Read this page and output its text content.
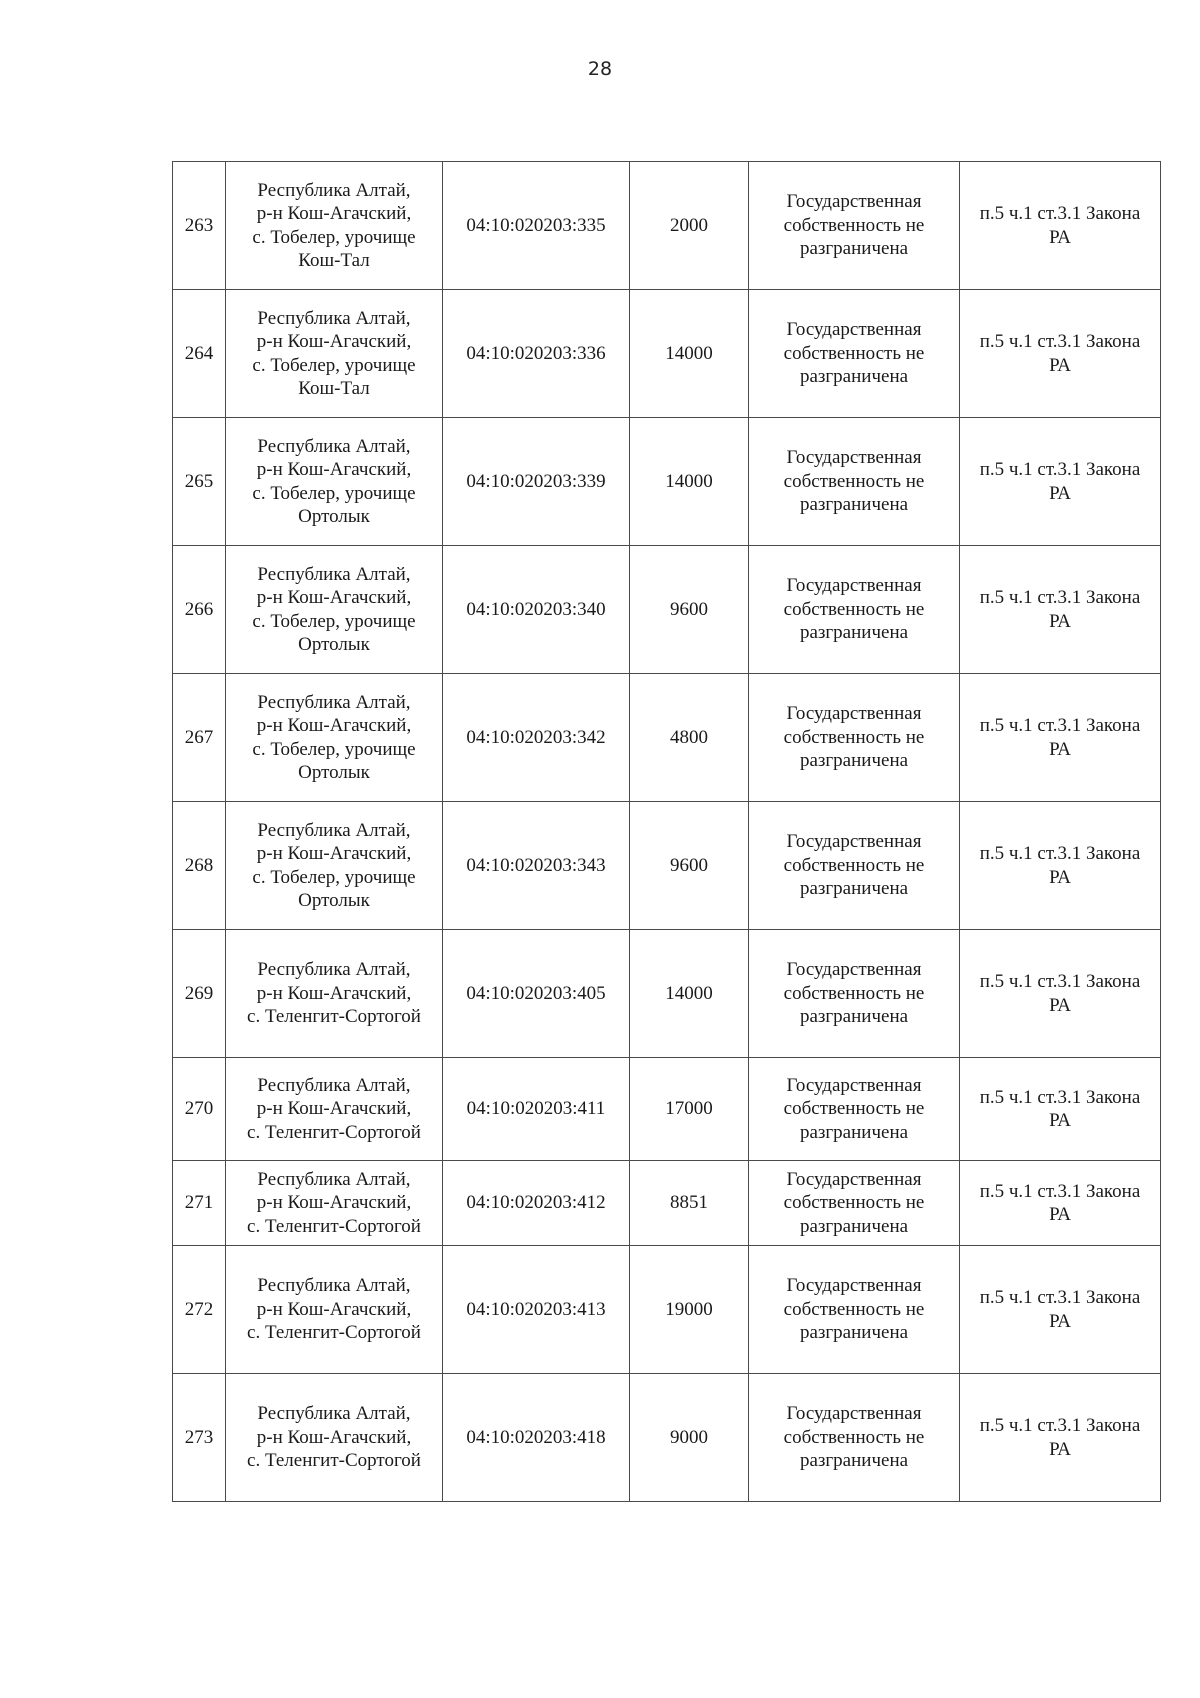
28
263	Республика Алтай,
р-н Кош-Агачский,
с. Тобелер, урочище
Кош-Тал	04:10:020203:335	2000	Государственная
собственность не
разграничена	п.5 ч.1 ст.3.1 Закона
РА

264	Республика Алтай,
р-н Кош-Агачский,
с. Тобелер, урочище
Кош-Тал	04:10:020203:336	14000	Государственная
собственность не
разграничена	п.5 ч.1 ст.3.1 Закона
РА

265	Республика Алтай,
р-н Кош-Агачский,
с. Тобелер, урочище
Ортолык	04:10:020203:339	14000	Государственная
собственность не
разграничена	п.5 ч.1 ст.3.1 Закона
РА

266	Республика Алтай,
р-н Кош-Агачский,
с. Тобелер, урочище
Ортолык	04:10:020203:340	9600	Государственная
собственность не
разграничена	п.5 ч.1 ст.3.1 Закона
РА

267	Республика Алтай,
р-н Кош-Агачский,
с. Тобелер, урочище
Ортолык	04:10:020203:342	4800	Государственная
собственность не
разграничена	п.5 ч.1 ст.3.1 Закона
РА

268	Республика Алтай,
р-н Кош-Агачский,
с. Тобелер, урочище
Ортолык	04:10:020203:343	9600	Государственная
собственность не
разграничена	п.5 ч.1 ст.3.1 Закона
РА

269	Республика Алтай,
р-н Кош-Агачский,
с. Теленгит-Сортогой	04:10:020203:405	14000	Государственная
собственность не
разграничена	п.5 ч.1 ст.3.1 Закона
РА

270	Республика Алтай,
р-н Кош-Агачский,
с. Теленгит-Сортогой	04:10:020203:411	17000	Государственная
собственность не
разграничена	п.5 ч.1 ст.3.1 Закона
РА

271	Республика Алтай,
р-н Кош-Агачский,
с. Теленгит-Сортогой	04:10:020203:412	8851	Государственная
собственность не
разграничена	п.5 ч.1 ст.3.1 Закона
РА

272	Республика Алтай,
р-н Кош-Агачский,
с. Теленгит-Сортогой	04:10:020203:413	19000	Государственная
собственность не
разграничена	п.5 ч.1 ст.3.1 Закона
РА

273	Республика Алтай,
р-н Кош-Агачский,
с. Теленгит-Сортогой	04:10:020203:418	9000	Государственная
собственность не
разграничена	п.5 ч.1 ст.3.1 Закона
РА
